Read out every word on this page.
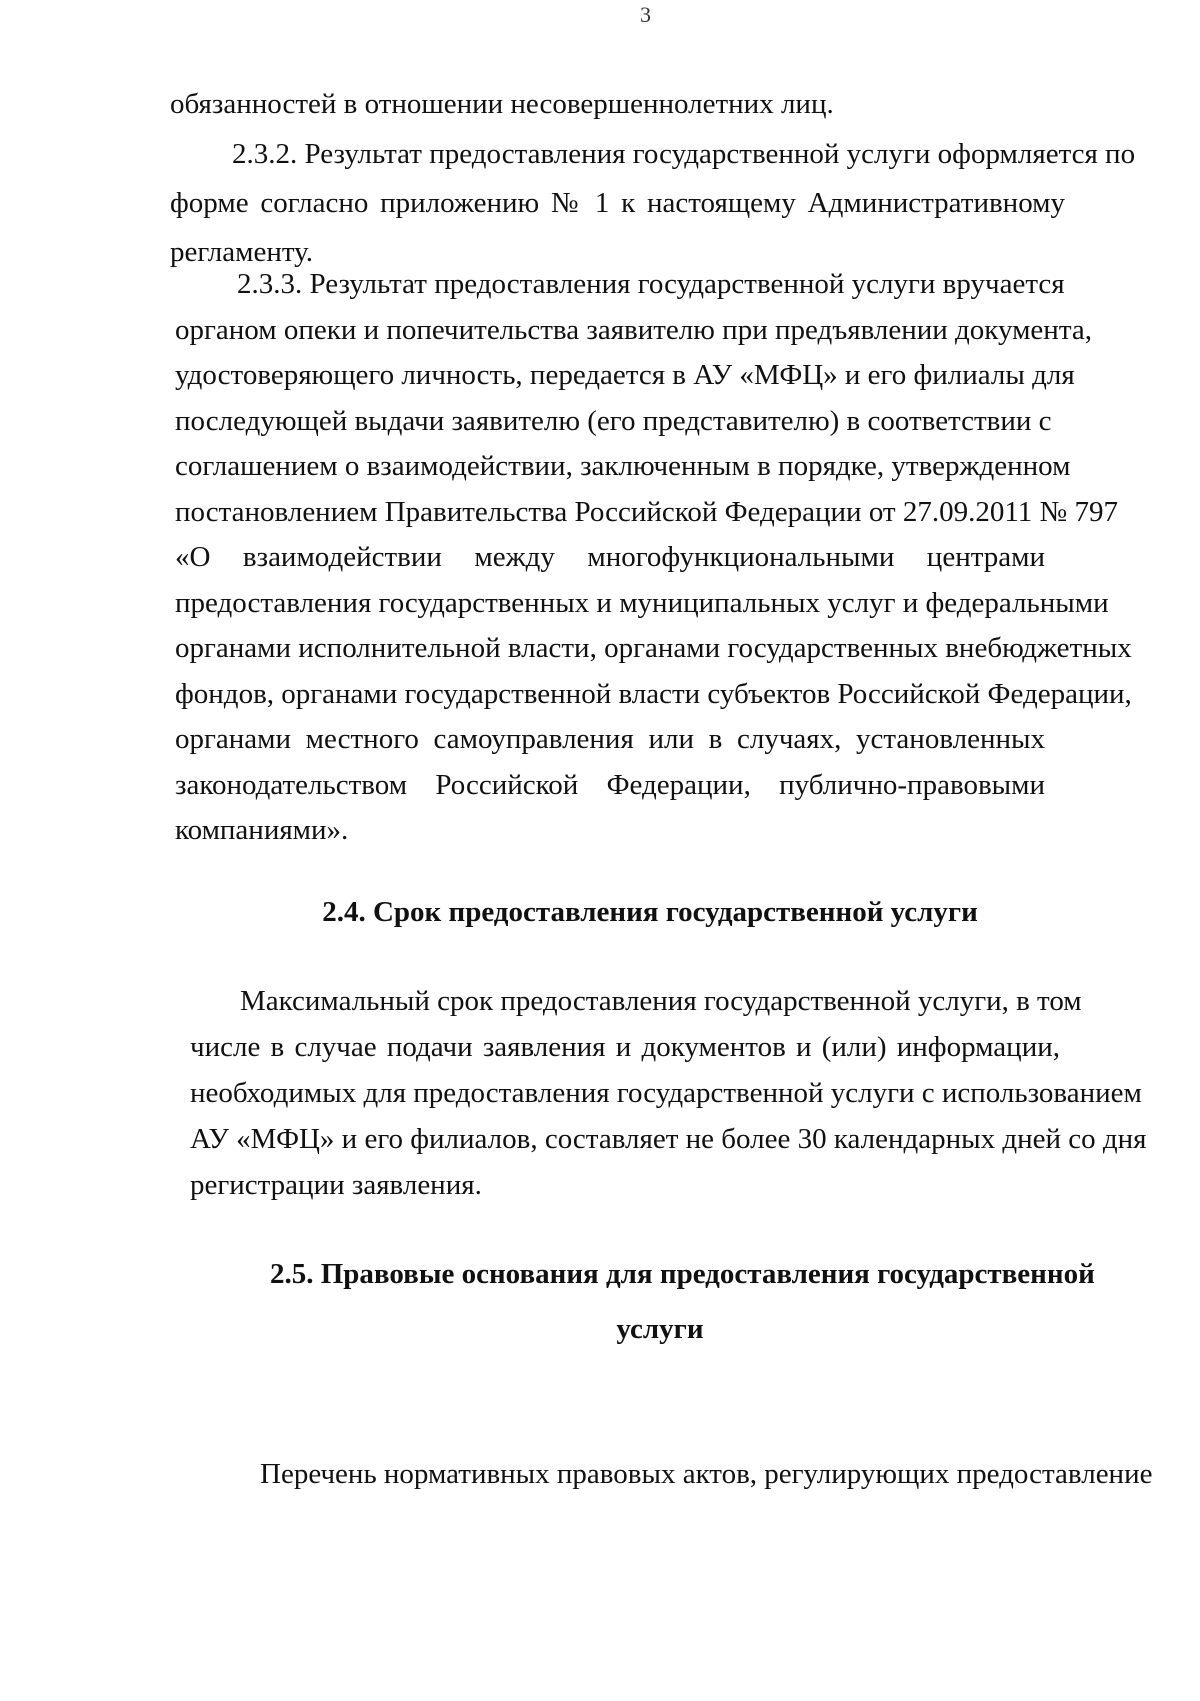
3
обязанностей в отношении несовершеннолетних лиц.
2.3.2. Результат предоставления государственной услуги оформляется по
форме согласно приложению № 1 к настоящему Административному
регламенту.
2.3.3. Результат предоставления государственной услуги вручается
органом опеки и попечительства заявителю при предъявлении документа,
удостоверяющего личность, передается в АУ «МФЦ» и его филиалы для
последующей выдачи заявителю (его представителю) в соответствии с
соглашением о взаимодействии, заключенным в порядке, утвержденном
постановлением Правительства Российской Федерации от 27.09.2011 № 797
«О взаимодействии между многофункциональными центрами
предоставления государственных и муниципальных услуг и федеральными
органами исполнительной власти, органами государственных внебюджетных
фондов, органами государственной власти субъектов Российской Федерации,
органами местного самоуправления или в случаях, установленных
законодательством Российской Федерации, публично-правовыми
компаниями».
2.4. Срок предоставления государственной услуги
Максимальный срок предоставления государственной услуги, в том
числе в случае подачи заявления и документов и (или) информации,
необходимых для предоставления государственной услуги с использованием
АУ «МФЦ» и его филиалов, составляет не более 30 календарных дней со дня
регистрации заявления.
2.5. Правовые основания для предоставления государственной
услуги
Перечень нормативных правовых актов, регулирующих предоставление
